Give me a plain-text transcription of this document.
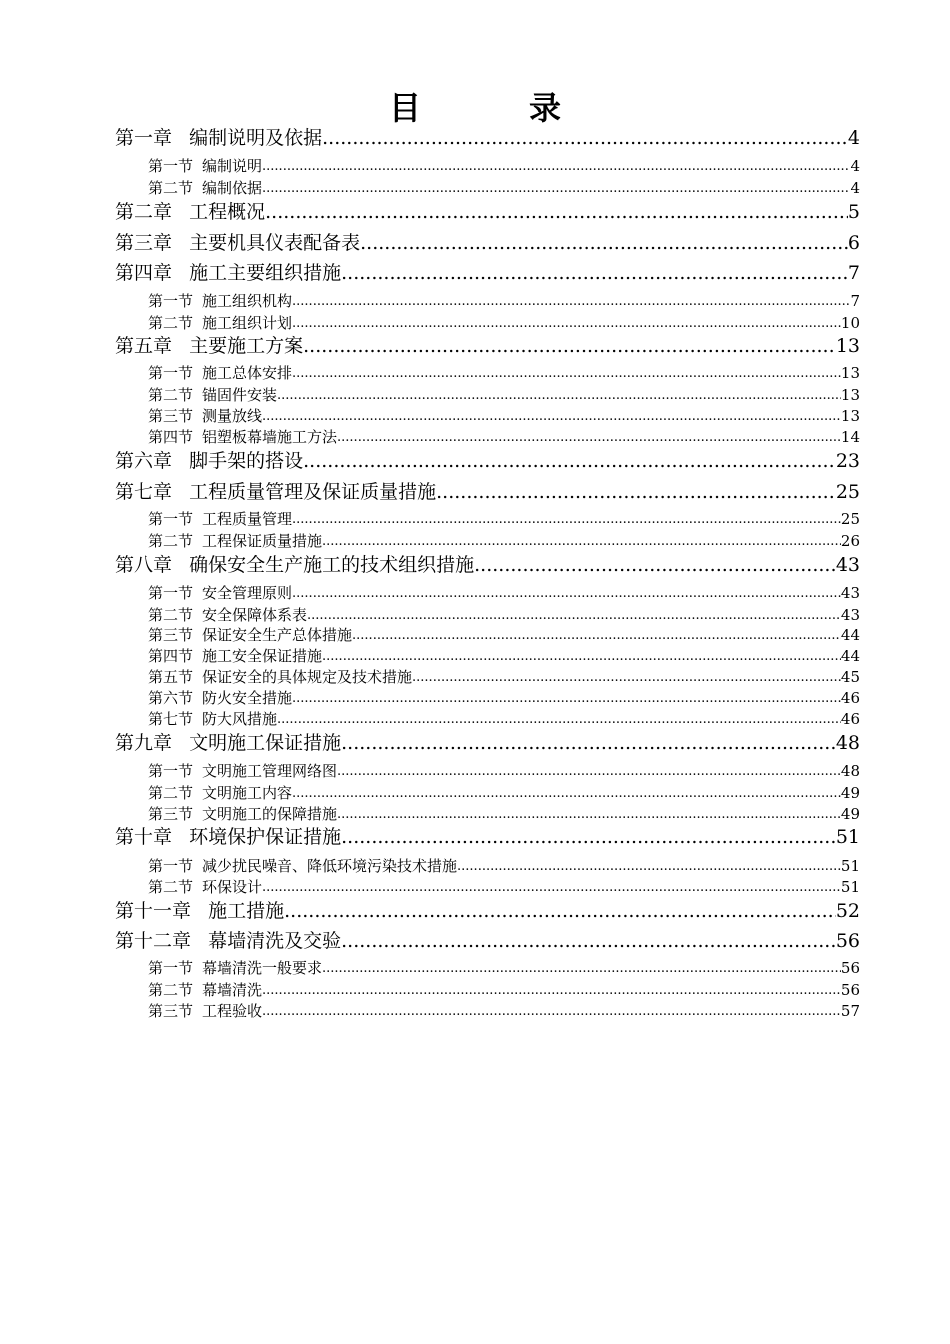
目　录
第一章 编制说明及依据 .....	4
第一节 编制说明 .....	4
第二节 编制依据 .....	4
第二章 工程概况 .....	5
第三章 主要机具仪表配备表 .....	6
第四章 施工主要组织措施 .....	7
第一节 施工组织机构 .....	7
第二节 施工组织计划 .....	10
第五章 主要施工方案 .....	13
第一节 施工总体安排 .....	13
第二节 锚固件安装 .....	13
第三节 测量放线 .....	13
第四节 铝塑板幕墙施工方法 .....	14
第六章 脚手架的搭设 .....	23
第七章 工程质量管理及保证质量措施 .....	25
第一节 工程质量管理 .....	25
第二节 工程保证质量措施 .....	26
第八章 确保安全生产施工的技术组织措施 .....	43
第一节 安全管理原则 .....	43
第二节 安全保障体系表 .....	43
第三节 保证安全生产总体措施 .....	44
第四节 施工安全保证措施 .....	44
第五节 保证安全的具体规定及技术措施 .....	45
第六节 防火安全措施 .....	46
第七节 防大风措施 .....	46
第九章 文明施工保证措施 .....	48
第一节 文明施工管理网络图 .....	48
第二节 文明施工内容 .....	49
第三节 文明施工的保障措施 .....	49
第十章 环境保护保证措施 .....	51
第一节 减少扰民噪音、降低环境污染技术措施 .....	51
第二节 环保设计 .....	51
第十一章 施工措施 .....	52
第十二章 幕墙清洗及交验 .....	56
第一节 幕墙清洗一般要求 .....	56
第二节 幕墙清洗 .....	56
第三节 工程验收 .....	57
